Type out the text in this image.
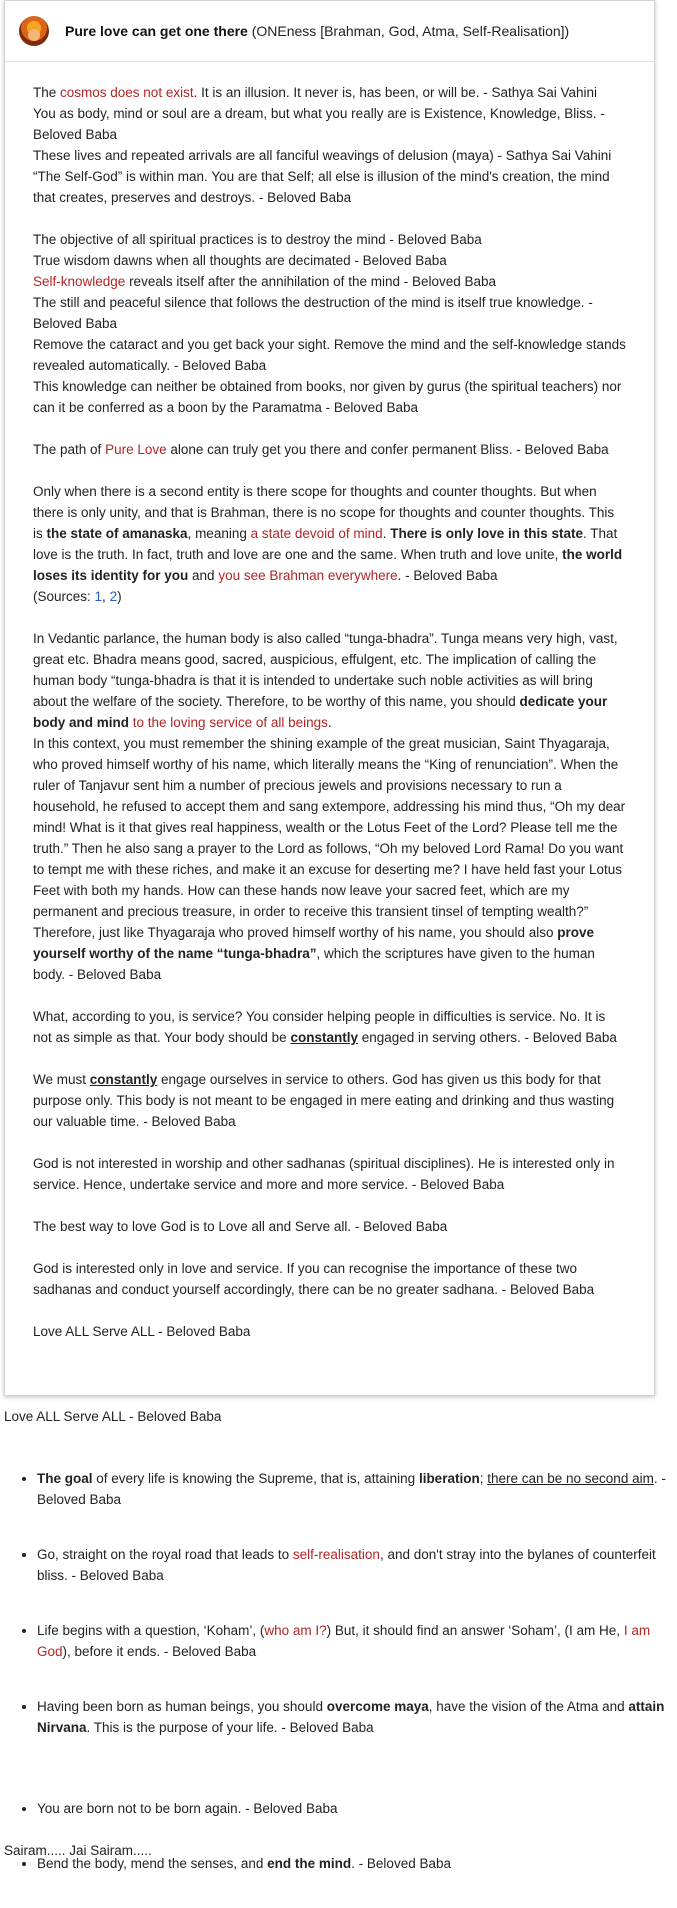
Pure love can get one there (ONEness [Brahman, God, Atma, Self-Realisation])

The cosmos does not exist. It is an illusion. It never is, has been, or will be. - Sathya Sai Vahini

You as body, mind or soul are a dream, but what you really are is Existence, Knowledge, Bliss. - Beloved Baba

These lives and repeated arrivals are all fanciful weavings of delusion (maya) - Sathya Sai Vahini

“The Self-God” is within man. You are that Self; all else is illusion of the mind's creation, the mind that creates, preserves and destroys. - Beloved Baba

The objective of all spiritual practices is to destroy the mind - Beloved Baba

True wisdom dawns when all thoughts are decimated - Beloved Baba

Self-knowledge reveals itself after the annihilation of the mind - Beloved Baba

The still and peaceful silence that follows the destruction of the mind is itself true knowledge. - Beloved Baba

Remove the cataract and you get back your sight. Remove the mind and the self-knowledge stands revealed automatically. - Beloved Baba

This knowledge can neither be obtained from books, nor given by gurus (the spiritual teachers) nor can it be conferred as a boon by the Paramatma - Beloved Baba

The path of Pure Love alone can truly get you there and confer permanent Bliss. - Beloved Baba

Only when there is a second entity is there scope for thoughts and counter thoughts. But when there is only unity, and that is Brahman, there is no scope for thoughts and counter thoughts. This is the state of amanaska, meaning a state devoid of mind. There is only love in this state. That love is the truth. In fact, truth and love are one and the same. When truth and love unite, the world loses its identity for you and you see Brahman everywhere. - Beloved Baba
(Sources: 1, 2)

In Vedantic parlance, the human body is also called “tunga-bhadra”. Tunga means very high, vast, great etc. Bhadra means good, sacred, auspicious, effulgent, etc. The implication of calling the human body “tunga-bhadra is that it is intended to undertake such noble activities as will bring about the welfare of the society. Therefore, to be worthy of this name, you should dedicate your body and mind to the loving service of all beings.

In this context, you must remember the shining example of the great musician, Saint Thyagaraja, who proved himself worthy of his name, which literally means the “King of renunciation”. When the ruler of Tanjavur sent him a number of precious jewels and provisions necessary to run a household, he refused to accept them and sang extempore, addressing his mind thus, “Oh my dear mind! What is it that gives real happiness, wealth or the Lotus Feet of the Lord? Please tell me the truth.” Then he also sang a prayer to the Lord as follows, “Oh my beloved Lord Rama! Do you want to tempt me with these riches, and make it an excuse for deserting me? I have held fast your Lotus Feet with both my hands. How can these hands now leave your sacred feet, which are my permanent and precious treasure, in order to receive this transient tinsel of tempting wealth?” Therefore, just like Thyagaraja who proved himself worthy of his name, you should also prove yourself worthy of the name “tunga-bhadra”, which the scriptures have given to the human body. - Beloved Baba

What, according to you, is service? You consider helping people in difficulties is service. No. It is not as simple as that. Your body should be constantly engaged in serving others. - Beloved Baba

We must constantly engage ourselves in service to others. God has given us this body for that purpose only. This body is not meant to be engaged in mere eating and drinking and thus wasting our valuable time. - Beloved Baba

God is not interested in worship and other sadhanas (spiritual disciplines). He is interested only in service. Hence, undertake service and more and more service. - Beloved Baba

The best way to love God is to Love all and Serve all. - Beloved Baba

God is interested only in love and service. If you can recognise the importance of these two sadhanas and conduct yourself accordingly, there can be no greater sadhana. - Beloved Baba

Love ALL Serve ALL - Beloved Baba

Love ALL Serve ALL - Beloved Baba

• The goal of every life is knowing the Supreme, that is, attaining liberation; there can be no second aim. - Beloved Baba
• Go, straight on the royal road that leads to self-realisation, and don't stray into the bylanes of counterfeit bliss. - Beloved Baba
• Life begins with a question, ‘Koham’, (who am I?) But, it should find an answer ‘Soham’, (I am He, I am God), before it ends. - Beloved Baba
• Having been born as human beings, you should overcome maya, have the vision of the Atma and attain Nirvana. This is the purpose of your life. - Beloved Baba
• You are born not to be born again. - Beloved Baba
• Bend the body, mend the senses, and end the mind. - Beloved Baba

Sairam..... Jai Sairam.....
